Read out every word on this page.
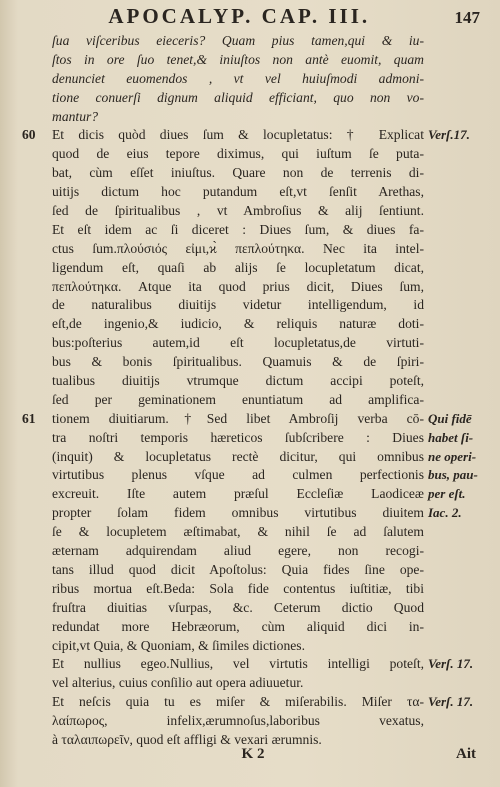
APOCALYP. CAP. III.	147
ſua viſceribus eieceris? Quam pius tamen,qui & iu-
ſtos in ore ſuo tenet,& iniuſtos non antè euomit, quam
denunciet euomendos , vt vel huiuſmodi admoni-
tione conuerſi dignum aliquid efficiant, quo non vo-
mantur?
60	Et dicis quòd diues ſum & locupletatus: † Explicat Verſ.17.
quod de eius tepore diximus, qui iuſtum ſe puta-
bat, cùm eſſet iniuſtus. Quare non de terrenis di-
uitijs dictum hoc putandum eſt,vt ſenſit Arethas,
ſed de ſpiritualibus , vt Ambroſius & alij ſentiunt.
Et eſt idem ac ſi diceret : Diues ſum, & diues fa-
ctus ſum.πλούσιός εἰμι,ϰ̀ πεπλούτηκα. Nec ita intel-
ligendum eſt, quaſi ab alijs ſe locupletatum dicat,
πεπλούτηκα. Atque ita quod prius dicit, Diues ſum,
de naturalibus diuitijs videtur intelligendum, id
eſt,de ingenio,& iudicio, & reliquis naturæ doti-
bus:poſterius autem,id eſt locupletatus,de virtuti-
bus & bonis ſpiritualibus. Quamuis & de ſpiri-
tualibus diuitijs vtrumque dictum accipi poteſt,
ſed per geminationem enuntiatum ad amplifica-
61	tionem diuitiarum.†Sed libet Ambroſij verba cō- Qui fidē
tra noſtri temporis hæreticos ſubſcribere : Diues habet ſi-
(inquit) & locupletatus rectè dicitur, qui omnibus ne operi-
virtutibus plenus vſque ad culmen perfectionis bus, pau-
excreuit. Iſte autem præſul Eccleſiæ Laodiceæ per eſt.
propter ſolam fidem omnibus virtutibus diuitem Iac. 2.
ſe & locupletem æſtimabat, & nihil ſe ad ſalutem
æternam adquirendam aliud egere, non recogi-
tans illud quod dicit Apoſtolus: Quia fides ſine ope-
ribus mortua eſt.Beda: Sola fide contentus iuſtitiæ, tibi
fruſtra diuitias vſurpas, &c. Ceterum dictio Quod
redundat more Hebræorum, cùm aliquid dici in-
cipit,vt Quia, & Quoniam, & ſimiles dictiones.
Et nullius egeo.Nullius, vel virtutis intelligi poteſt, Verſ. 17.
vel alterius, cuius conſilio aut opera adiuuetur.
Et neſcis quia tu es miſer & miſerabilis. Miſer τα- Verſ. 17.
λαίπωρος, infelix,ærumnoſus,laboribus vexatus,
à ταλαιπωρεῖν, quod eſt affligi & vexari ærumnis.
K 2	Ait
